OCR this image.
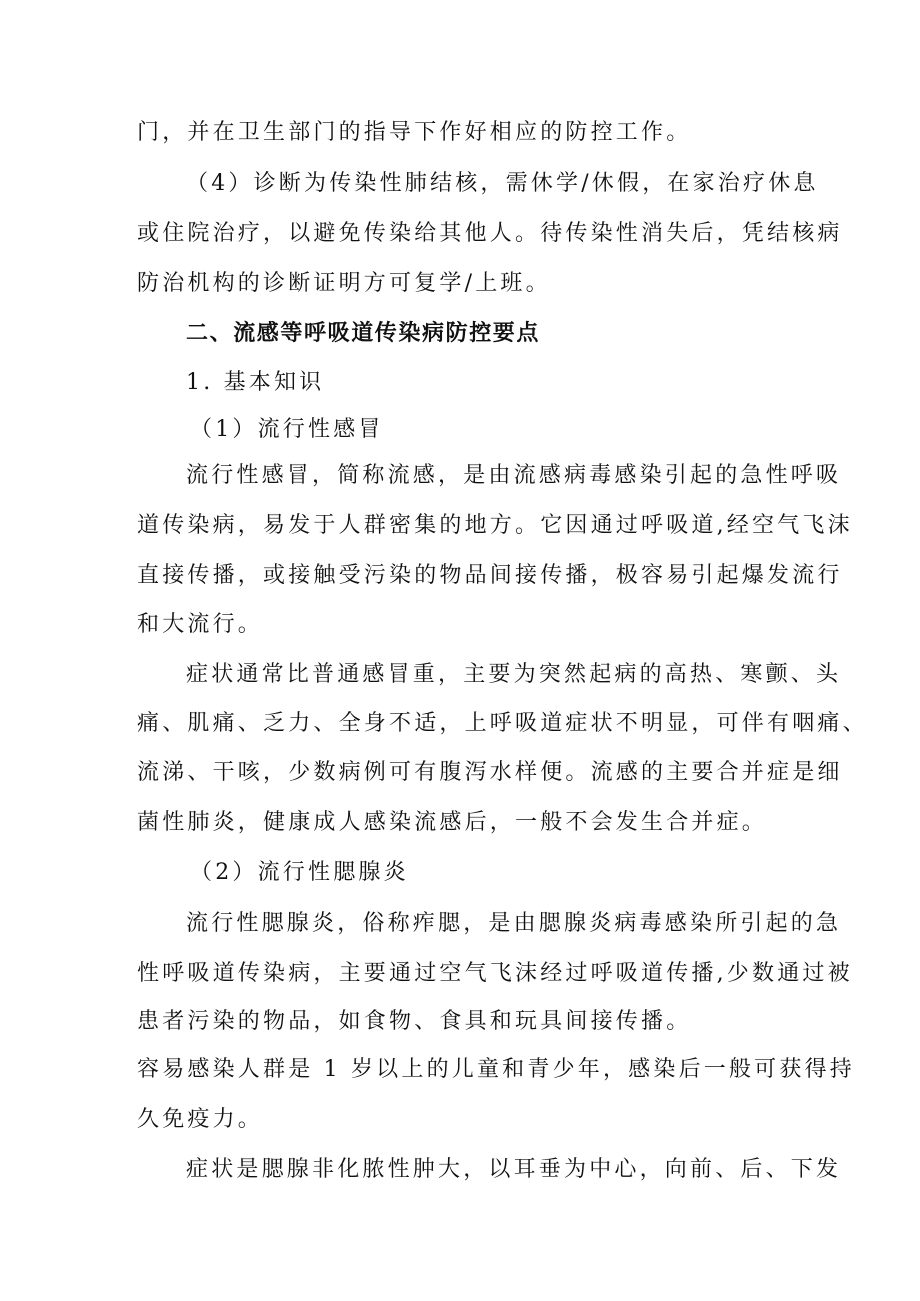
门，并在卫生部门的指导下作好相应的防控工作。
（4）诊断为传染性肺结核，需休学/休假，在家治疗休息
或住院治疗，以避免传染给其他人。待传染性消失后，凭结核病
防治机构的诊断证明方可复学/上班。
二、流感等呼吸道传染病防控要点
1. 基本知识
（1）流行性感冒
流行性感冒，简称流感，是由流感病毒感染引起的急性呼吸
道传染病，易发于人群密集的地方。它因通过呼吸道,经空气飞沫
直接传播，或接触受污染的物品间接传播，极容易引起爆发流行
和大流行。
症状通常比普通感冒重，主要为突然起病的高热、寒颤、头
痛、肌痛、乏力、全身不适，上呼吸道症状不明显，可伴有咽痛、
流涕、干咳，少数病例可有腹泻水样便。流感的主要合并症是细
菌性肺炎，健康成人感染流感后，一般不会发生合并症。
（2）流行性腮腺炎
流行性腮腺炎，俗称痄腮，是由腮腺炎病毒感染所引起的急
性呼吸道传染病，主要通过空气飞沫经过呼吸道传播,少数通过被
患者污染的物品，如食物、食具和玩具间接传播。
容易感染人群是 1 岁以上的儿童和青少年，感染后一般可获得持
久免疫力。
症状是腮腺非化脓性肿大，以耳垂为中心，向前、后、下发
